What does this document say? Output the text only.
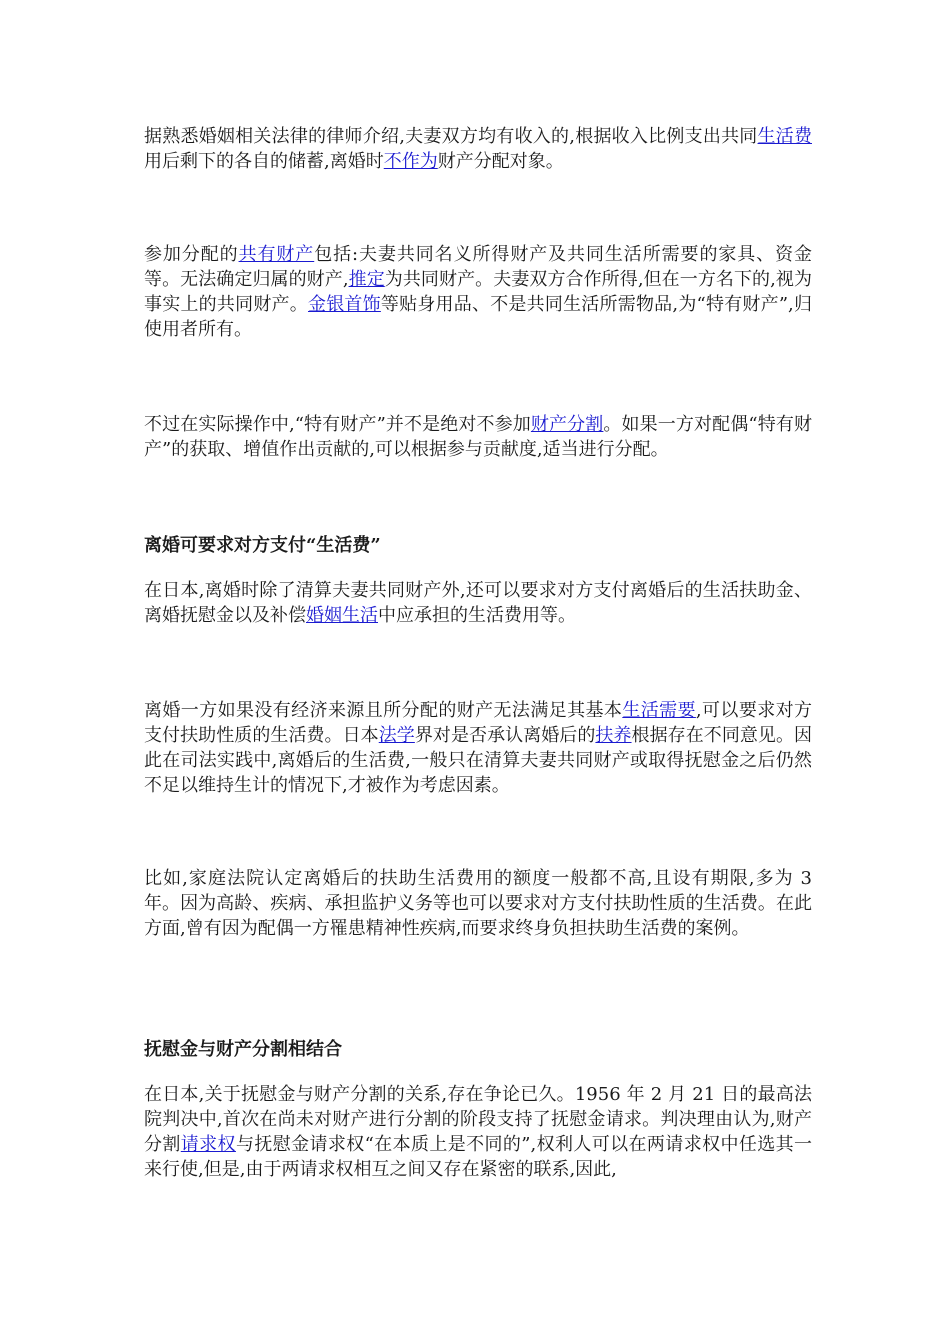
据熟悉婚姻相关法律的律师介绍,夫妻双方均有收入的,根据收入比例支出共同生活费用后剩下的各自的储蓄,离婚时不作为财产分配对象。

参加分配的共有财产包括:夫妻共同名义所得财产及共同生活所需要的家具、资金等。无法确定归属的财产,推定为共同财产。夫妻双方合作所得,但在一方名下的,视为事实上的共同财产。金银首饰等贴身用品、不是共同生活所需物品,为“特有财产”,归使用者所有。

不过在实际操作中,“特有财产”并不是绝对不参加财产分割。如果一方对配偶“特有财产”的获取、增值作出贡献的,可以根据参与贡献度,适当进行分配。

离婚可要求对方支付“生活费”

在日本,离婚时除了清算夫妻共同财产外,还可以要求对方支付离婚后的生活扶助金、离婚抚慰金以及补偿婚姻生活中应承担的生活费用等。

离婚一方如果没有经济来源且所分配的财产无法满足其基本生活需要,可以要求对方支付扶助性质的生活费。日本法学界对是否承认离婚后的扶养根据存在不同意见。因此在司法实践中,离婚后的生活费,一般只在清算夫妻共同财产或取得抚慰金之后仍然不足以维持生计的情况下,才被作为考虑因素。

比如,家庭法院认定离婚后的扶助生活费用的额度一般都不高,且设有期限,多为 3 年。因为高龄、疾病、承担监护义务等也可以要求对方支付扶助性质的生活费。在此方面,曾有因为配偶一方罹患精神性疾病,而要求终身负担扶助生活费的案例。

抚慰金与财产分割相结合

在日本,关于抚慰金与财产分割的关系,存在争论已久。1956 年 2 月 21 日的最高法院判决中,首次在尚未对财产进行分割的阶段支持了抚慰金请求。判决理由认为,财产分割请求权与抚慰金请求权“在本质上是不同的”,权利人可以在两请求权中任选其一来行使,但是,由于两请求权相互之间又存在紧密的联系,因此,
